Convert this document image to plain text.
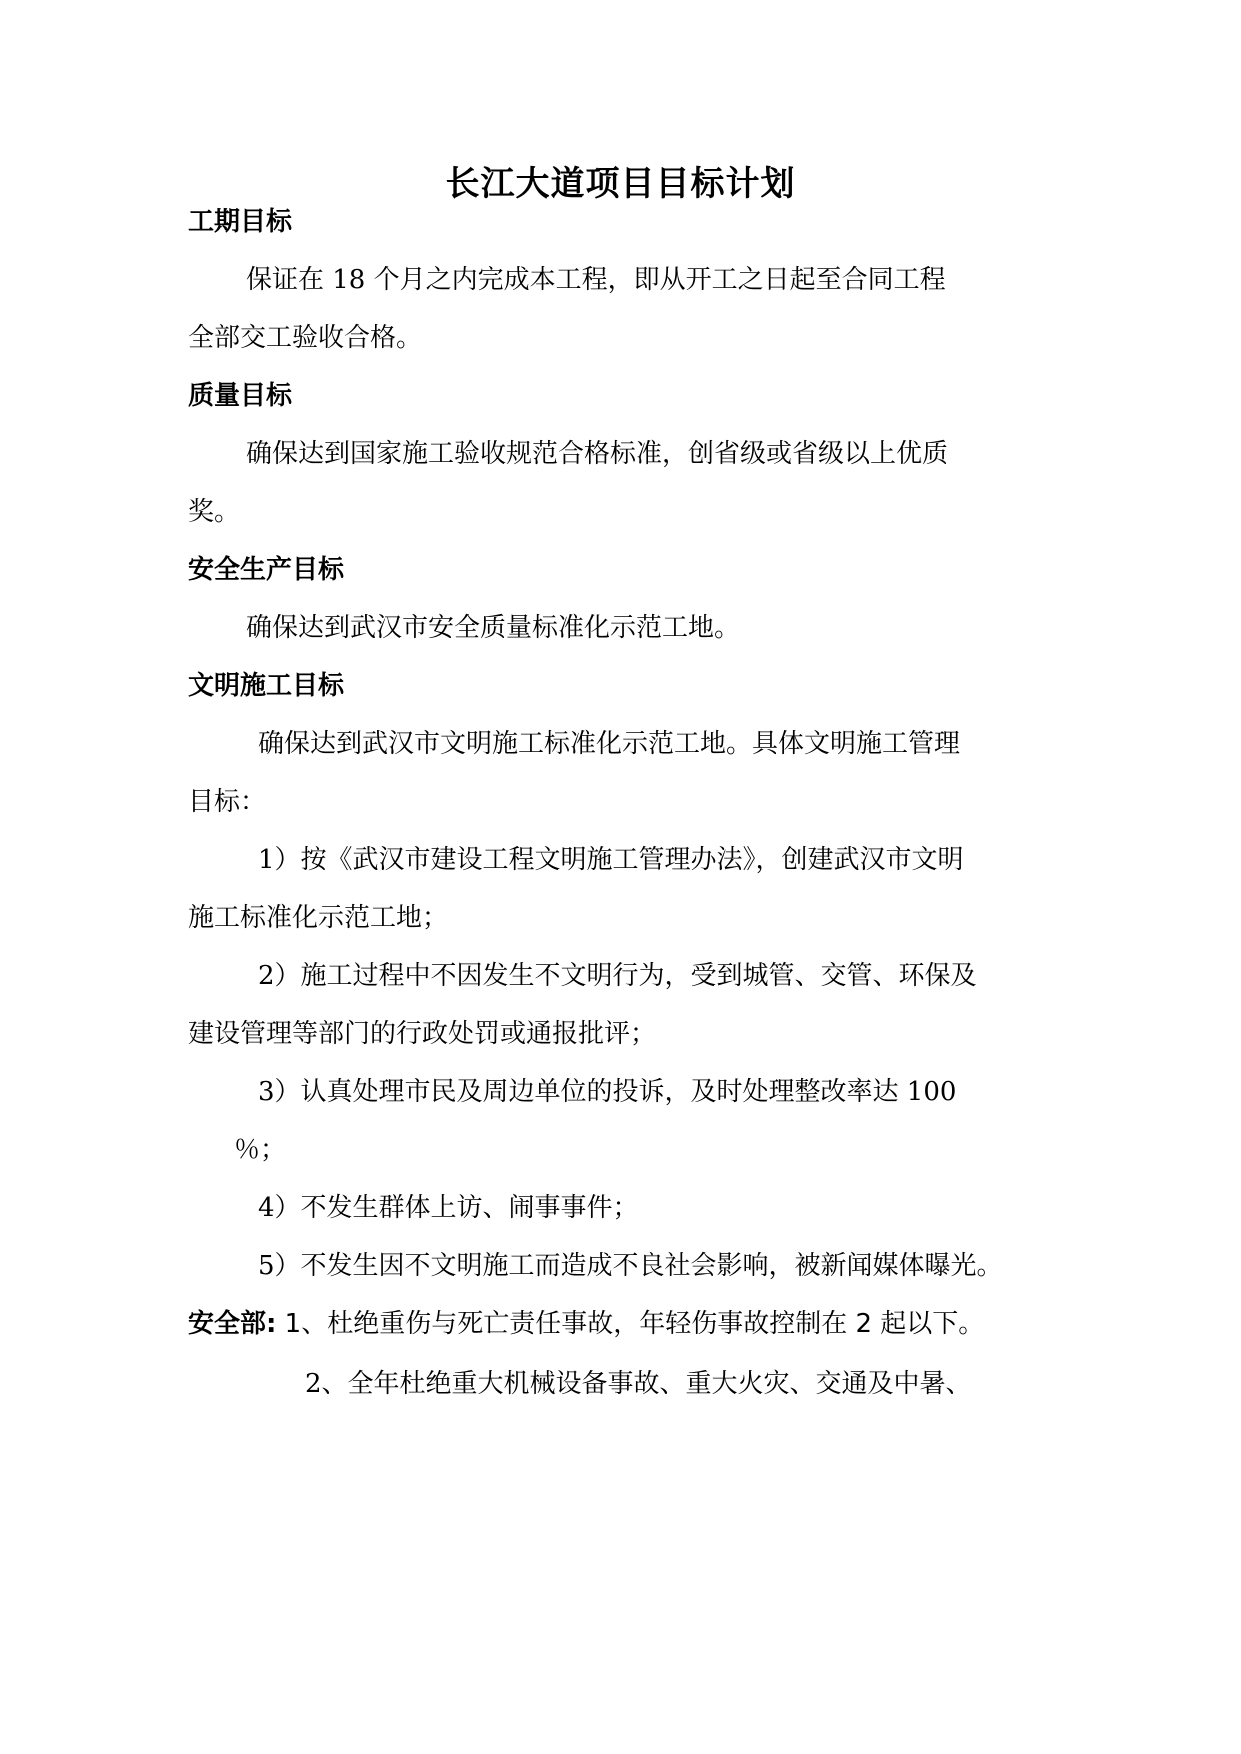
长江大道项目目标计划
工期目标
保证在 18 个月之内完成本工程，即从开工之日起至合同工程
全部交工验收合格。
质量目标
确保达到国家施工验收规范合格标准，创省级或省级以上优质
奖。
安全生产目标
确保达到武汉市安全质量标准化示范工地。
文明施工目标
确保达到武汉市文明施工标准化示范工地。具体文明施工管理
目标：
1）按《武汉市建设工程文明施工管理办法》，创建武汉市文明
施工标准化示范工地；
2）施工过程中不因发生不文明行为，受到城管、交管、环保及
建设管理等部门的行政处罚或通报批评；
3）认真处理市民及周边单位的投诉，及时处理整改率达 100
％；
4）不发生群体上访、闹事事件；
5）不发生因不文明施工而造成不良社会影响，被新闻媒体曝光。
安全部: 1、杜绝重伤与死亡责任事故，年轻伤事故控制在 2 起以下。
2、全年杜绝重大机械设备事故、重大火灾、交通及中暑、
